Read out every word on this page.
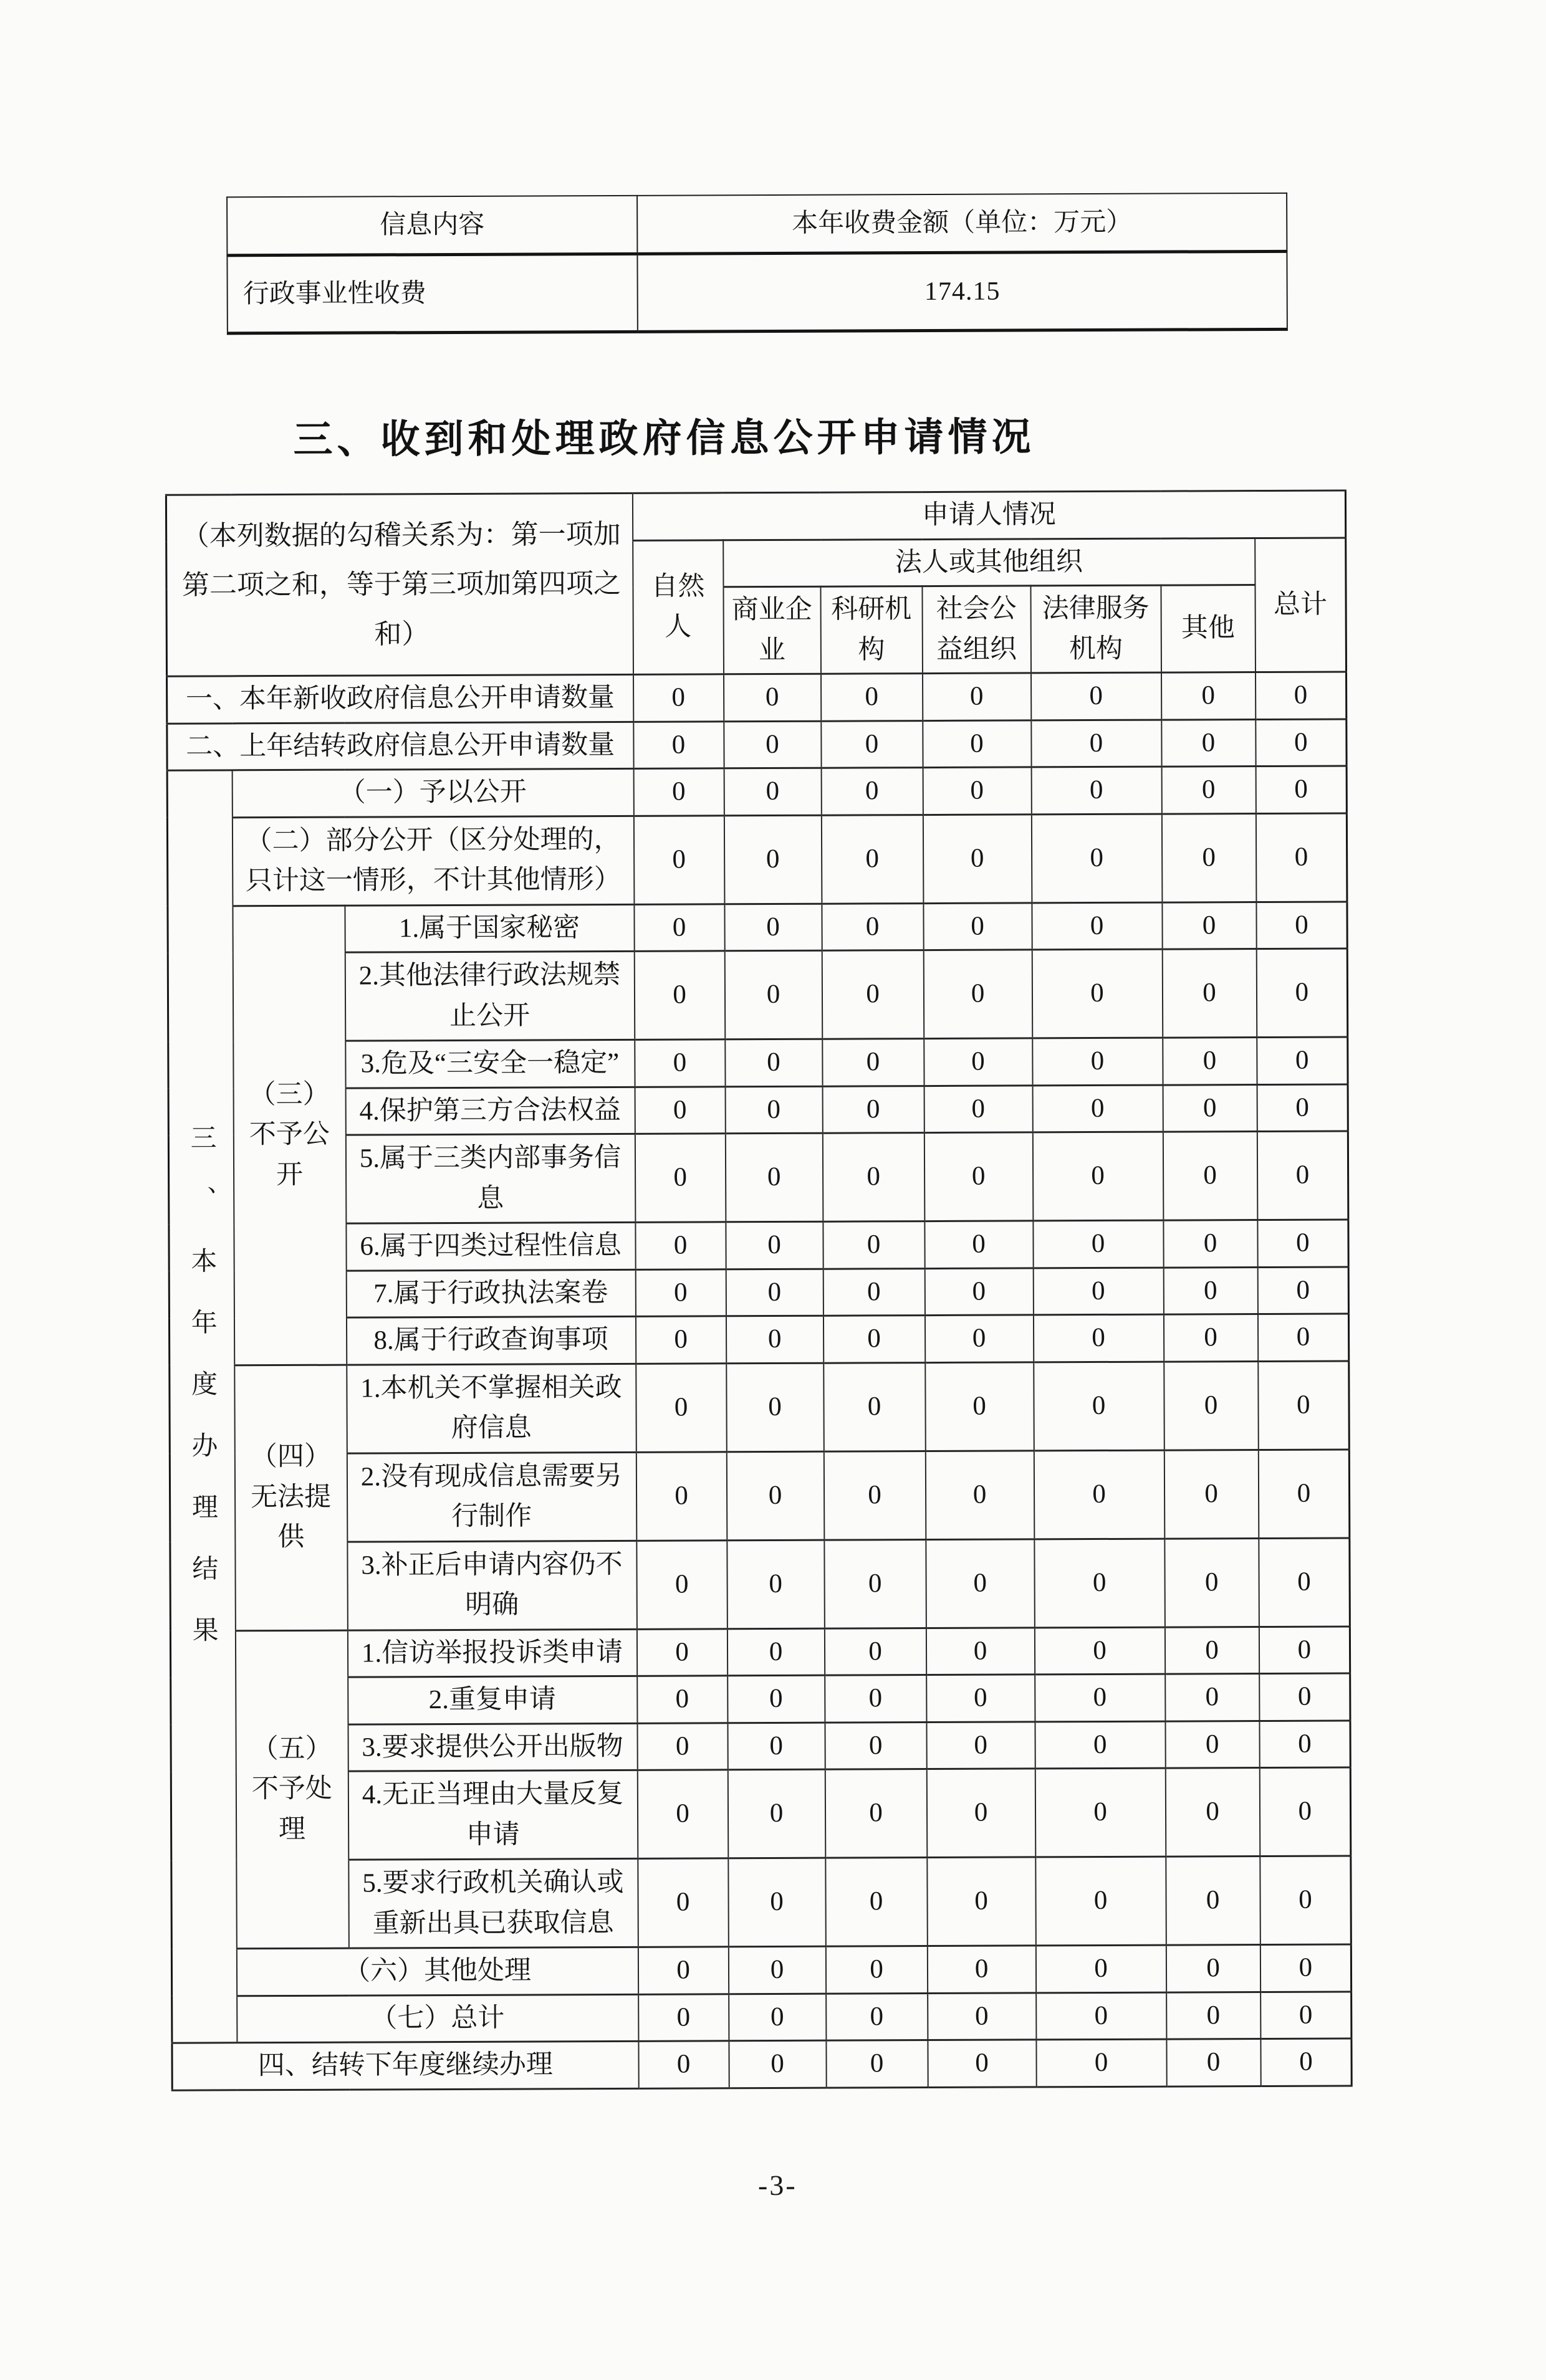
信息内容	本年收费金额（单位：万元）
行政事业性收费	174.15
三、收到和处理政府信息公开申请情况
（本列数据的勾稽关系为：第一项加第二项之和，等于第三项加第四项之和）			申请人情况						
			自然人	法人或其他组织					总计
				商业企业	科研机构	社会公益组织	法律服务机构	其他	
一、本年新收政府信息公开申请数量			0	0	0	0	0	0	0
二、上年结转政府信息公开申请数量			0	0	0	0	0	0	0
三、本年度办理结果	（一）予以公开		0	0	0	0	0	0	0
	（二）部分公开（区分处理的，只计这一情形，不计其他情形）		0	0	0	0	0	0	0
	（三）不予公开	1.属于国家秘密	0	0	0	0	0	0	0
		2.其他法律行政法规禁止公开	0	0	0	0	0	0	0
		3.危及“三安全一稳定”	0	0	0	0	0	0	0
		4.保护第三方合法权益	0	0	0	0	0	0	0
		5.属于三类内部事务信息	0	0	0	0	0	0	0
		6.属于四类过程性信息	0	0	0	0	0	0	0
		7.属于行政执法案卷	0	0	0	0	0	0	0
		8.属于行政查询事项	0	0	0	0	0	0	0
	（四）无法提供	1.本机关不掌握相关政府信息	0	0	0	0	0	0	0
		2.没有现成信息需要另行制作	0	0	0	0	0	0	0
		3.补正后申请内容仍不明确	0	0	0	0	0	0	0
	（五）不予处理	1.信访举报投诉类申请	0	0	0	0	0	0	0
		2.重复申请	0	0	0	0	0	0	0
		3.要求提供公开出版物	0	0	0	0	0	0	0
		4.无正当理由大量反复申请	0	0	0	0	0	0	0
		5.要求行政机关确认或重新出具已获取信息	0	0	0	0	0	0	0
	（六）其他处理		0	0	0	0	0	0	0
	（七）总计		0	0	0	0	0	0	0
四、结转下年度继续办理			0	0	0	0	0	0	0
-3-
